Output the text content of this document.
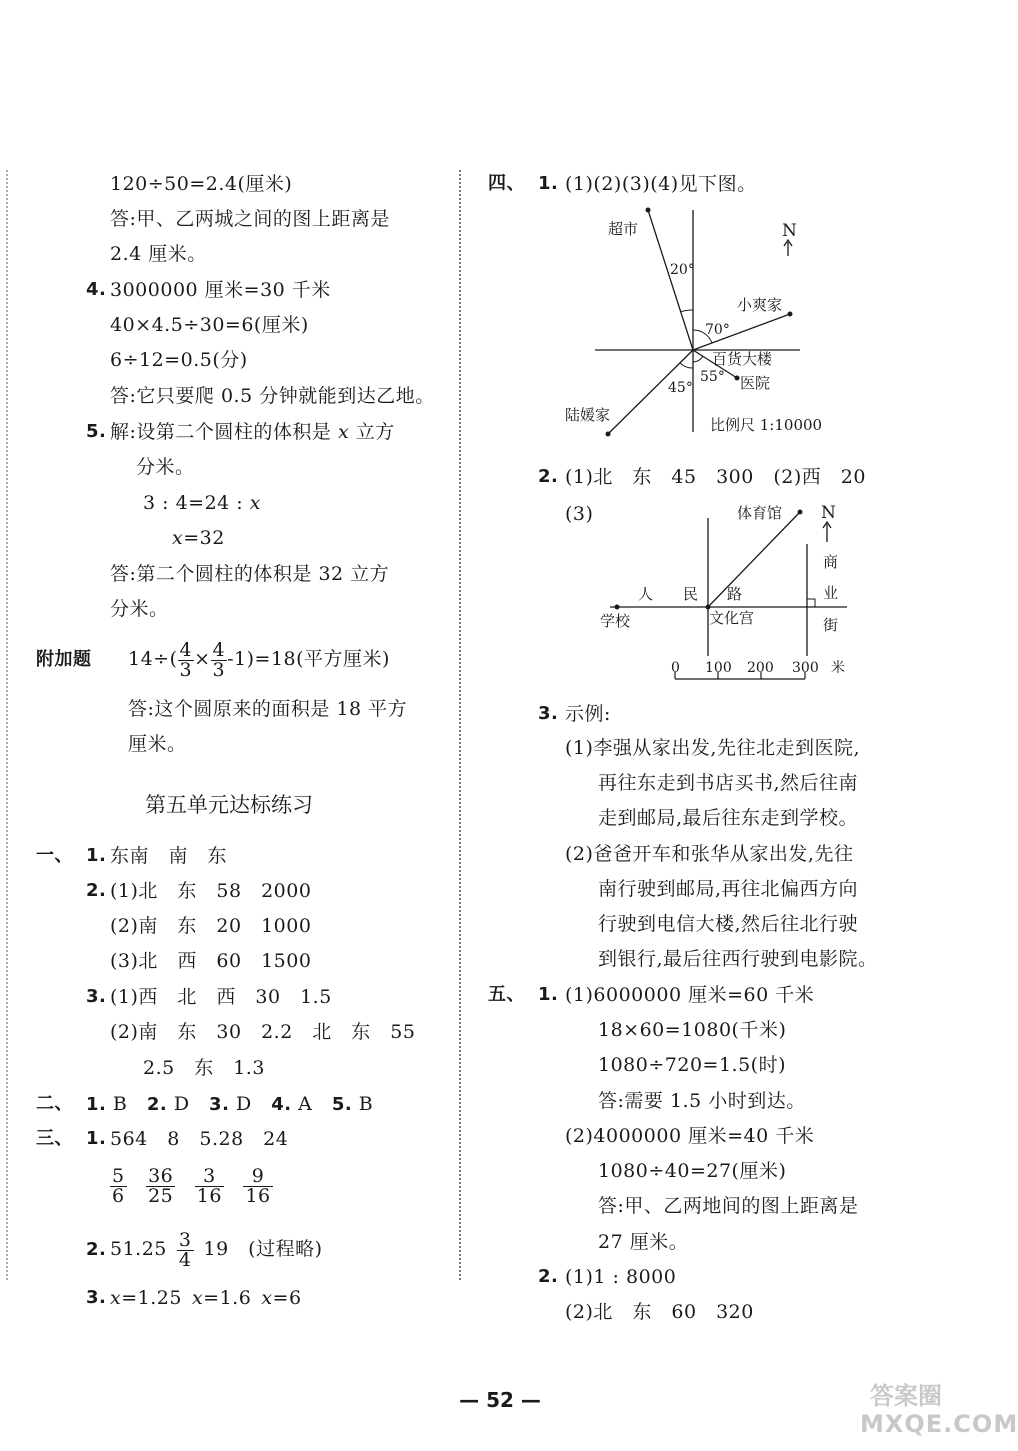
120÷50=2.4(厘米)
答:甲、乙两城之间的图上距离是
2.4 厘米。
4. 3000000 厘米=30 千米
40×4.5÷30=6(厘米)
6÷12=0.5(分)
答:它只要爬 0.5 分钟就能到达乙地。
5. 解:设第二个圆柱的体积是 x 立方
分米。
3 : 4=24 : x
x=32
答:第二个圆柱的体积是 32 立方
分米。
附加题 $14\div( \frac{4}{3} \times \frac{4}{3} -1)=18$(平方厘米)
答:这个圆原来的面积是 18 平方
厘米。
第五单元达标练习
一、 1. 东南　南　东
2. (1)北　东　58　2000
(2)南　东　20　1000
(3)北　西　60　1500
3. (1)西　北　西　30　1.5
(2)南　东　30　2.2　北　东　55
2.5　东　1.3
二、 1. B  2. D  3. D  4. A  5. B
三、 1. 564　8　5.28　24
$\frac{5}{6}$
  $\frac{36}{25}$
  $\frac{3}{16}$
  $\frac{9}{16}$
2. 51.25  $\frac{3}{4}$
  19　(过程略)
3. x=1.25  x=1.6  x=6
四、 1. (1)(2)(3)(4)见下图。
超市	N
20°
70°
小爽家
百货大楼
45°
55° 医院
陆媛家
比例尺 1:10000
2. (1)北　东　45　300　(2)西　20
(3)	体育馆 N
商
业
街
人 民 路
学校	文化宫
0 100 200 300 米
3. 示例:
(1)李强从家出发,先往北走到医院,
再往东走到书店买书,然后往南
走到邮局,最后往东走到学校。
(2)爸爸开车和张华从家出发,先往
南行驶到邮局,再往北偏西方向
行驶到电信大楼,然后往北行驶
到银行,最后往西行驶到电影院。
五、 1. (1)6000000 厘米=60 千米
18×60=1080(千米)
1080÷720=1.5(时)
答:需要 1.5 小时到达。
(2)4000000 厘米=40 千米
1080÷40=27(厘米)
答:甲、乙两地间的图上距离是
27 厘米。
2. (1)1 : 8000
(2)北　东　60　320
— 52 —	答案圈
MXQE.COM
